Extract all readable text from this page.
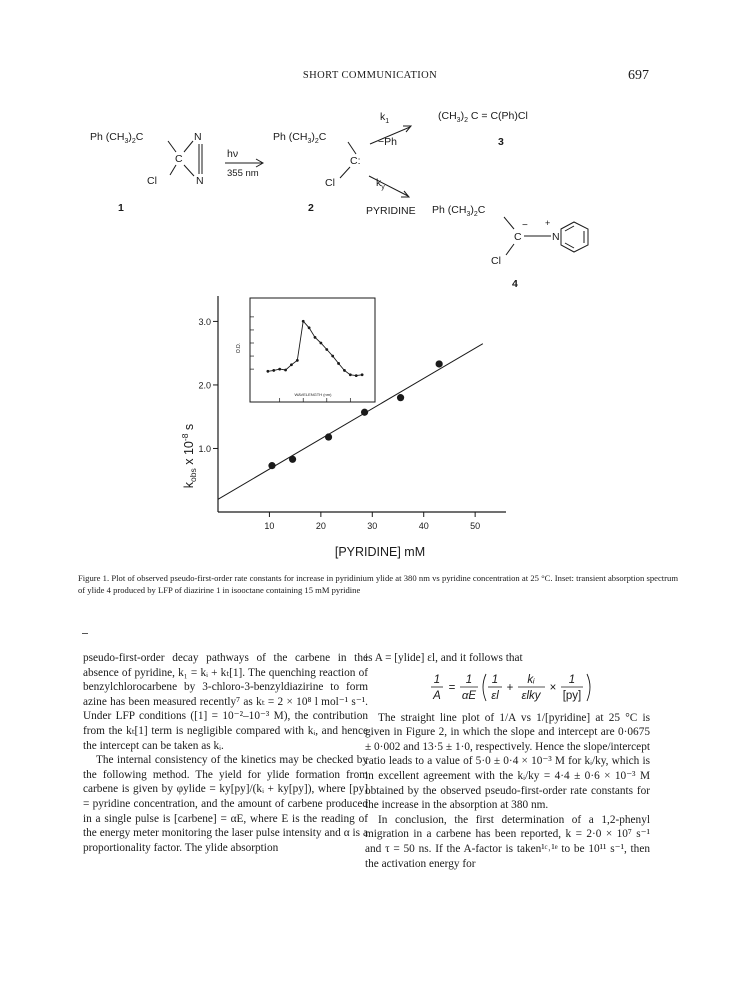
SHORT COMMUNICATION	697
Ph $(CH_3)_2C$	N
C
N
Cl
1
hν
355 nm
Ph $(CH_3)_2C$
C:
Cl
2
$k_1$
−Ph
$(CH_3)_2$ C = C(Ph)Cl
3
$k_y$
PYRIDINE Ph $(CH_3)_2C$
C
− +
N
Cl
4
1.0
2.0
3.0
10	20	30	40	50
[PYRIDINE] mM
$k_{obs}$ x $10^{-8}$ s
O.D.
WAVELENGTH (nm)
Figure 1. Plot of observed pseudo-first-order rate constants for increase in pyridinium ylide at 380 nm vs pyridine concentration at 25 °C. Inset: transient absorption spectrum of ylide 4 produced by LFP of diazirine 1 in isooctane containing 15 mM pyridine

pseudo-first-order decay pathways of the carbene in the absence of pyridine, k₁ = kᵢ + kₜ[1]. The quenching reaction of benzylchlorocarbene by 3-chloro-3-benzyldiazirine to form azine has been measured recently⁷ as kₜ = 2 × 10⁸ l mol⁻¹ s⁻¹. Under LFP conditions ([1] = 10⁻²–10⁻³ M), the contribution from the kₜ[1] term is negligible compared with kᵢ, and hence the intercept can be taken as kᵢ.

The internal consistency of the kinetics may be checked by the following method. The yield for ylide formation from carbene is given by φylide = ky[py]/(kᵢ + ky[py]), where [py] = pyridine concentration, and the amount of carbene produced in a single pulse is [carbene] = αE, where E is the reading of the energy meter monitoring the laser pulse intensity and α is a proportionality factor. The ylide absorption

is A = [ylide] εl, and it follows that

1
A
=
1
αE
1
εl
+
kᵢ
εlky
×
1
[py]

The straight line plot of 1/A vs 1/[pyridine] at 25 °C is given in Figure 2, in which the slope and intercept are 0·0675 ± 0·002 and 13·5 ± 1·0, respectively. Hence the slope/intercept ratio leads to a value of 5·0 ± 0·4 × 10⁻³ M for kᵢ/ky, which is in excellent agreement with the kᵢ/ky = 4·4 ± 0·6 × 10⁻³ M obtained by the observed pseudo-first-order rate constants for the increase in the absorption at 380 nm.

In conclusion, the first determination of a 1,2-phenyl migration in a carbene has been reported, k = 2·0 × 10⁷ s⁻¹ and τ = 50 ns. If the A-factor is taken¹ᶜ˒¹ᵉ to be 10¹¹ s⁻¹, then the activation energy for
